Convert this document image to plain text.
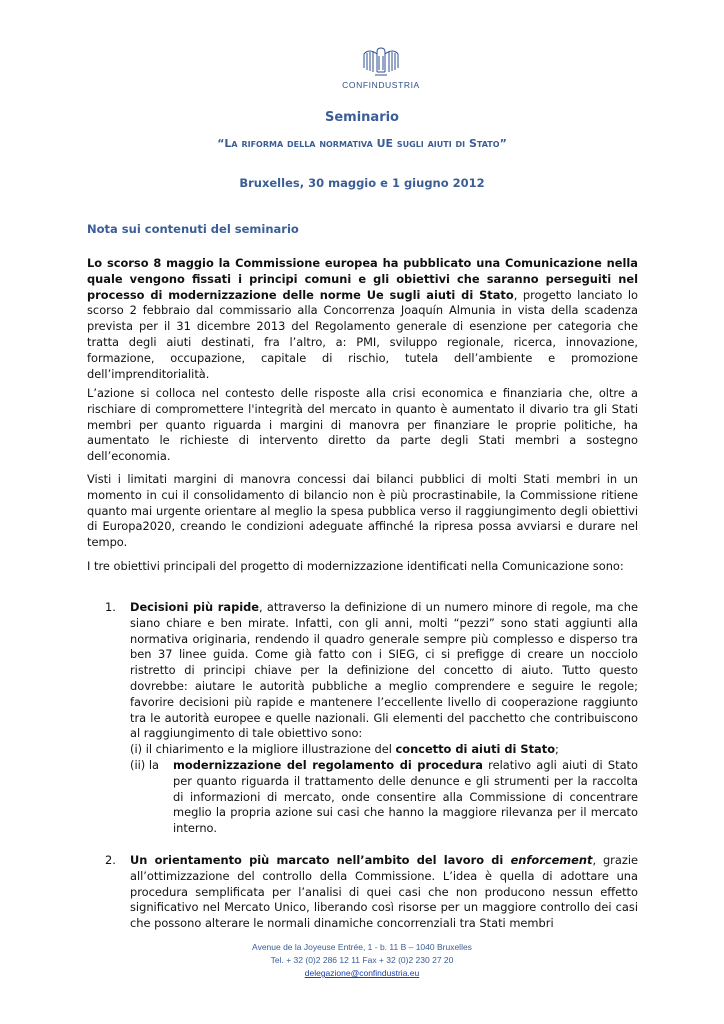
CONFINDUSTRIA
Seminario
“La riforma della normativa UE sugli aiuti di Stato”
Bruxelles, 30 maggio e 1 giugno 2012
Nota sui contenuti del seminario
Lo scorso 8 maggio la Commissione europea ha pubblicato una Comunicazione nella quale vengono fissati i principi comuni e gli obiettivi che saranno perseguiti nel processo di modernizzazione delle norme Ue sugli aiuti di Stato, progetto lanciato lo scorso 2 febbraio dal commissario alla Concorrenza Joaquín Almunia in vista della scadenza prevista per il 31 dicembre 2013 del Regolamento generale di esenzione per categoria che tratta degli aiuti destinati, fra l’altro, a: PMI, sviluppo regionale, ricerca, innovazione, formazione, occupazione, capitale di rischio, tutela dell’ambiente e promozione dell’imprenditorialità.
L’azione si colloca nel contesto delle risposte alla crisi economica e finanziaria che, oltre a rischiare di compromettere l'integrità del mercato in quanto è aumentato il divario tra gli Stati membri per quanto riguarda i margini di manovra per finanziare le proprie politiche, ha aumentato le richieste di intervento diretto da parte degli Stati membri a sostegno dell’economia.
Visti i limitati margini di manovra concessi dai bilanci pubblici di molti Stati membri in un momento in cui il consolidamento di bilancio non è più procrastinabile, la Commissione ritiene quanto mai urgente orientare al meglio la spesa pubblica verso il raggiungimento degli obiettivi di Europa2020, creando le condizioni adeguate affinché la ripresa possa avviarsi e durare nel tempo.
I tre obiettivi principali del progetto di modernizzazione identificati nella Comunicazione sono:
1.	Decisioni più rapide, attraverso la definizione di un numero minore di regole, ma che siano chiare e ben mirate. Infatti, con gli anni, molti “pezzi” sono stati aggiunti alla normativa originaria, rendendo il quadro generale sempre più complesso e disperso tra ben 37 linee guida. Come già fatto con i SIEG, ci si prefigge di creare un nocciolo ristretto di principi chiave per la definizione del concetto di aiuto. Tutto questo dovrebbe: aiutare le autorità pubbliche a meglio comprendere e seguire le regole; favorire decisioni più rapide e mantenere l’eccellente livello di cooperazione raggiunto tra le autorità europee e quelle nazionali. Gli elementi del pacchetto che contribuiscono al raggiungimento di tale obiettivo sono:
(i) il chiarimento e la migliore illustrazione del concetto di aiuti di Stato;
(ii) la modernizzazione del regolamento di procedura relativo agli aiuti di Stato per quanto riguarda il trattamento delle denunce e gli strumenti per la raccolta di informazioni di mercato, onde consentire alla Commissione di concentrare meglio la propria azione sui casi che hanno la maggiore rilevanza per il mercato interno.
2.	Un orientamento più marcato nell’ambito del lavoro di enforcement, grazie all’ottimizzazione del controllo della Commissione. L’idea è quella di adottare una procedura semplificata per l’analisi di quei casi che non producono nessun effetto significativo nel Mercato Unico, liberando così risorse per un maggiore controllo dei casi che possono alterare le normali dinamiche concorrenziali tra Stati membri
Avenue de la Joyeuse Entrée, 1 - b. 11 B – 1040 Bruxelles
Tel. + 32 (0)2 286 12 11 Fax + 32 (0)2 230 27 20
delegazione@confindustria.eu
